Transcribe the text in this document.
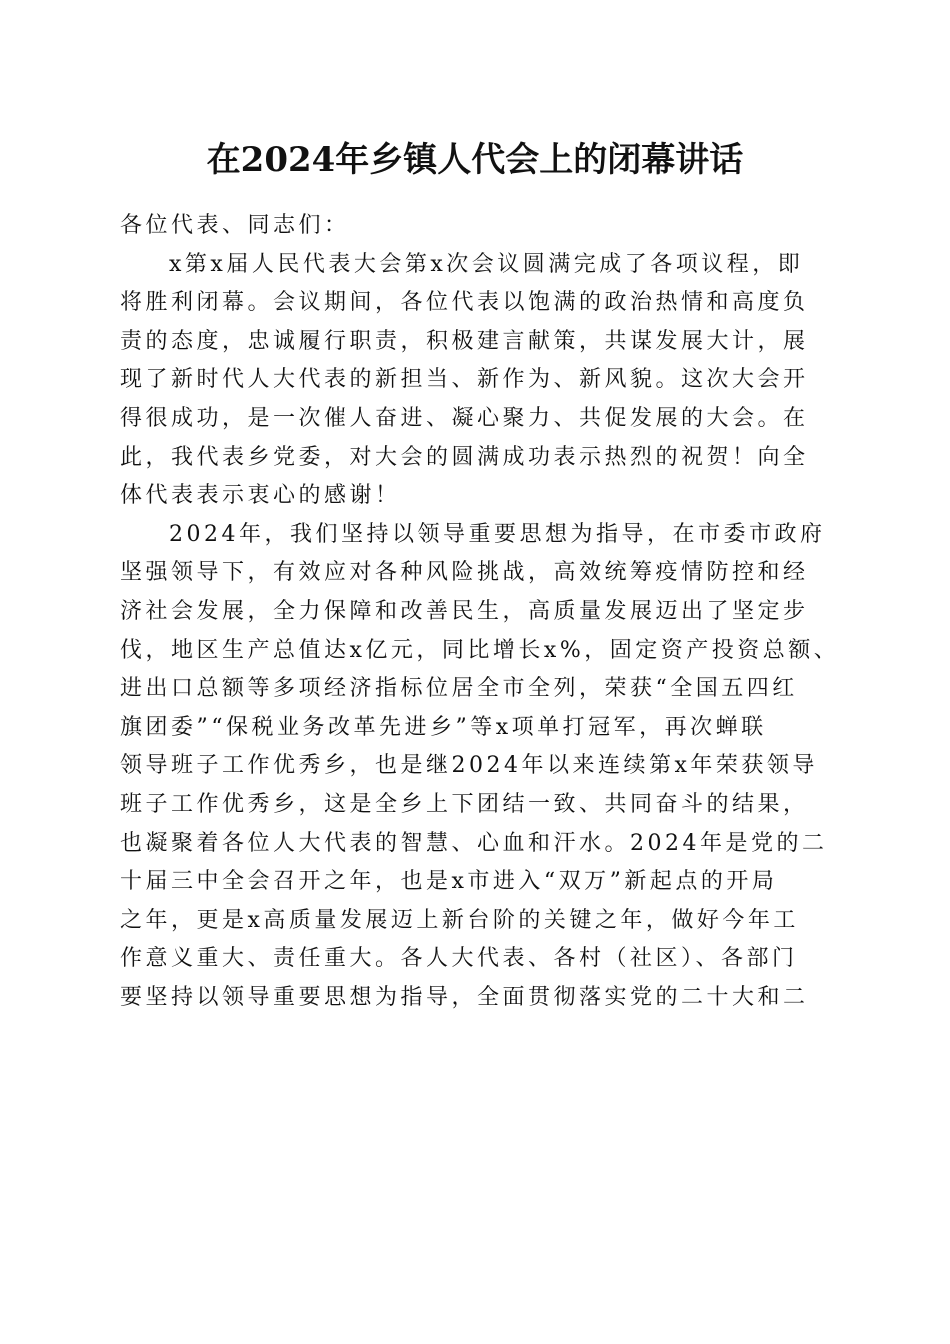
在2024年乡镇人代会上的闭幕讲话

各位代表、同志们：

x第x届人民代表大会第x次会议圆满完成了各项议程，即

将胜利闭幕。会议期间，各位代表以饱满的政治热情和高度负

责的态度，忠诚履行职责，积极建言献策，共谋发展大计，展

现了新时代人大代表的新担当、新作为、新风貌。这次大会开

得很成功，是一次催人奋进、凝心聚力、共促发展的大会。在

此，我代表乡党委，对大会的圆满成功表示热烈的祝贺！向全

体代表表示衷心的感谢！

2024年，我们坚持以领导重要思想为指导，在市委市政府

坚强领导下，有效应对各种风险挑战，高效统筹疫情防控和经

济社会发展，全力保障和改善民生，高质量发展迈出了坚定步

伐，地区生产总值达x亿元，同比增长x%，固定资产投资总额、

进出口总额等多项经济指标位居全市全列，荣获“全国五四红

旗团委”“保税业务改革先进乡”等x项单打冠军，再次蝉联

领导班子工作优秀乡，也是继2024年以来连续第x年荣获领导

班子工作优秀乡，这是全乡上下团结一致、共同奋斗的结果，

也凝聚着各位人大代表的智慧、心血和汗水。2024年是党的二

十届三中全会召开之年，也是x市进入“双万”新起点的开局

之年，更是x高质量发展迈上新台阶的关键之年，做好今年工

作意义重大、责任重大。各人大代表、各村（社区）、各部门

要坚持以领导重要思想为指导，全面贯彻落实党的二十大和二
